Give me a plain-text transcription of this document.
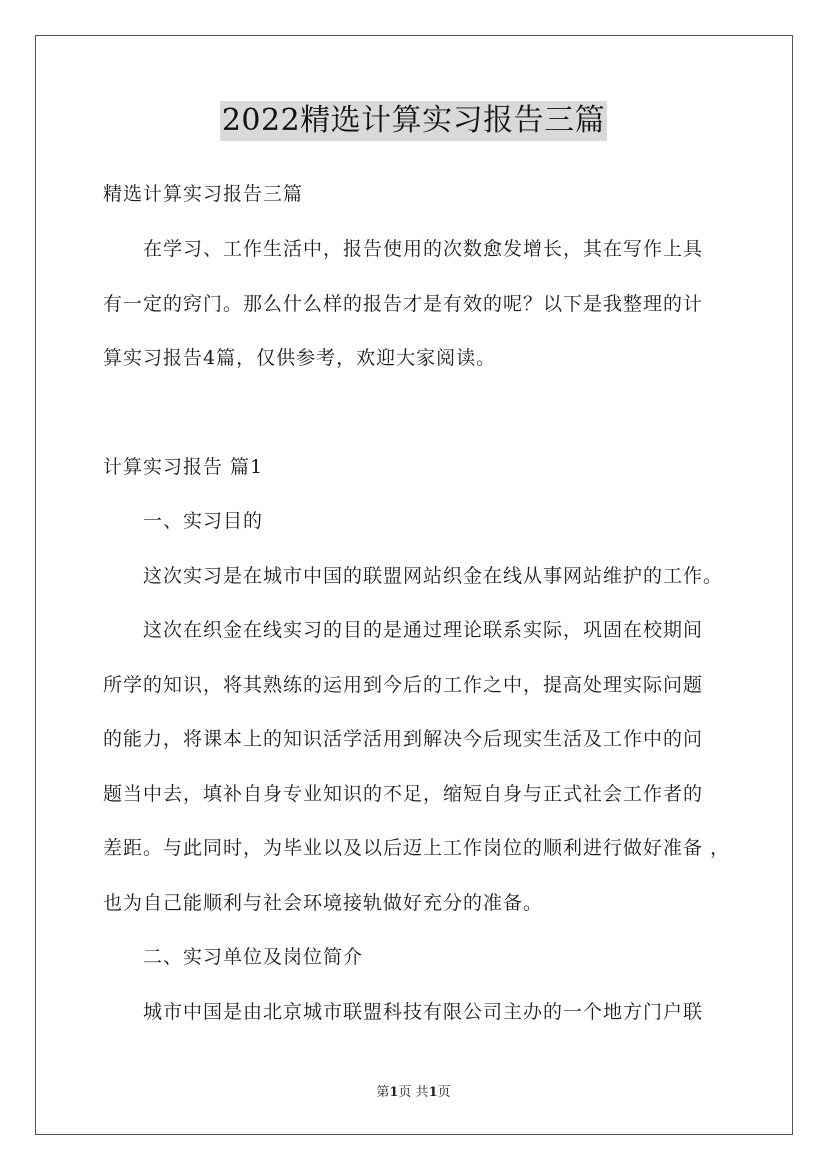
2022精选计算实习报告三篇
精选计算实习报告三篇
在学习、工作生活中，报告使用的次数愈发增长，其在写作上具
有一定的窍门。那么什么样的报告才是有效的呢？以下是我整理的计
算实习报告4篇，仅供参考，欢迎大家阅读。
计算实习报告 篇1
一、实习目的
这次实习是在城市中国的联盟网站织金在线从事网站维护的工作。
这次在织金在线实习的目的是通过理论联系实际，巩固在校期间
所学的知识，将其熟练的运用到今后的工作之中，提高处理实际问题
的能力，将课本上的知识活学活用到解决今后现实生活及工作中的问
题当中去，填补自身专业知识的不足，缩短自身与正式社会工作者的
差距。与此同时，为毕业以及以后迈上工作岗位的顺利进行做好准备 ，
也为自己能顺利与社会环境接轨做好充分的准备。
二、实习单位及岗位简介
城市中国是由北京城市联盟科技有限公司主办的一个地方门户联
第1页 共1页
